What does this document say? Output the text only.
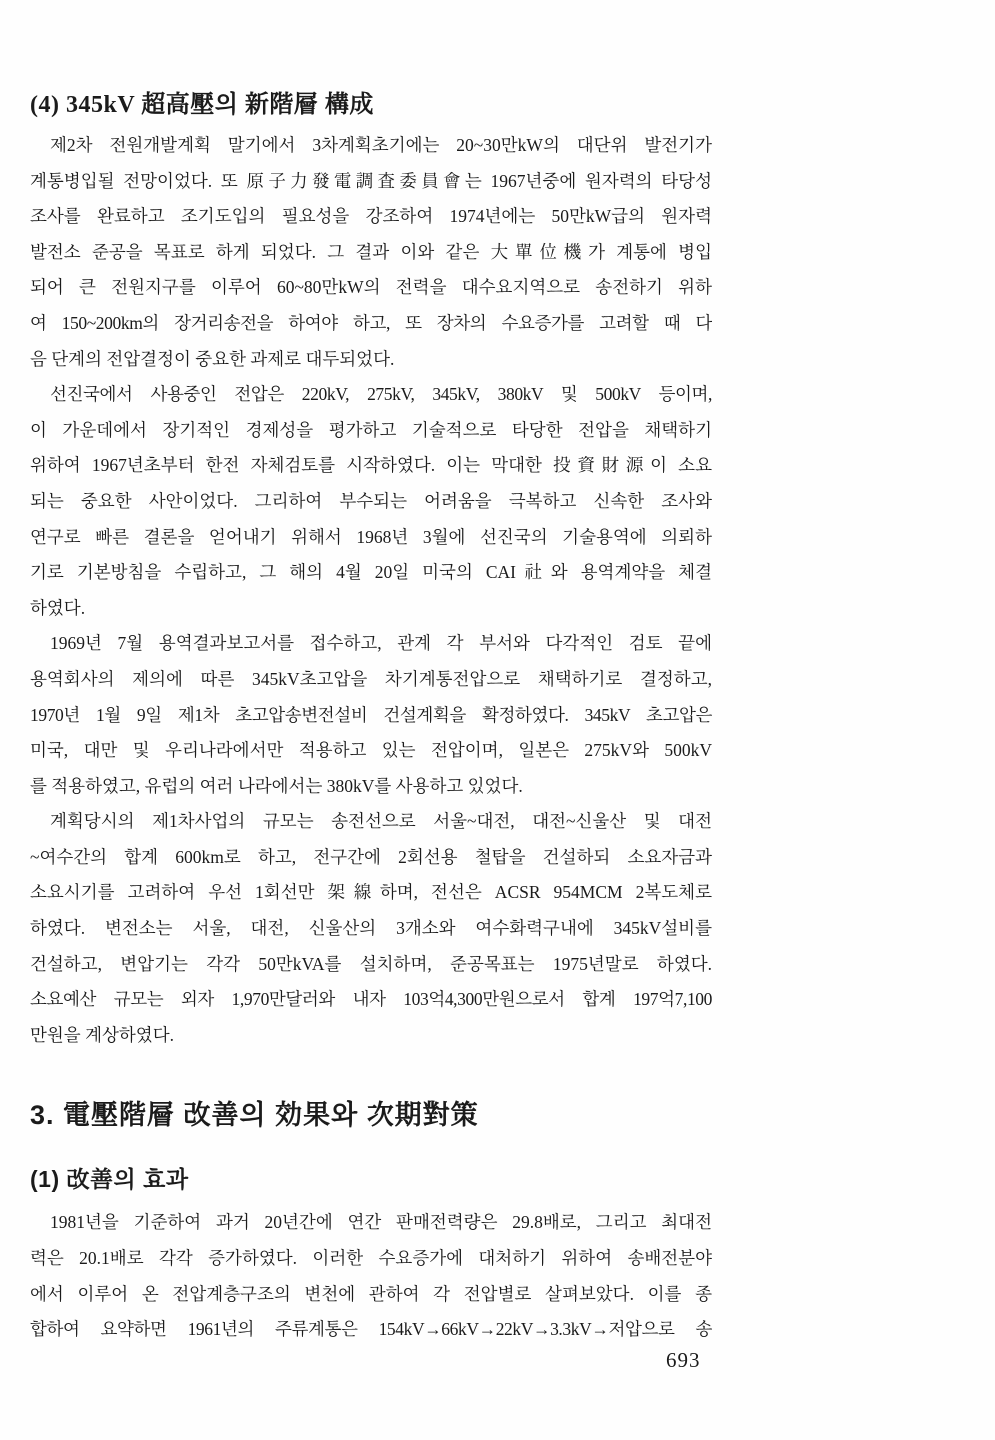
(4) 345kV 超高壓의 新階層 構成
제2차 전원개발계획 말기에서 3차계획초기에는 20~30만kW의 대단위 발전기가
계통병입될 전망이었다. 또 原子力發電調査委員會는 1967년중에 원자력의 타당성
조사를 완료하고 조기도입의 필요성을 강조하여 1974년에는 50만kW급의 원자력
발전소 준공을 목표로 하게 되었다. 그 결과 이와 같은 大單位機가 계통에 병입
되어 큰 전원지구를 이루어 60~80만kW의 전력을 대수요지역으로 송전하기 위하
여 150~200km의 장거리송전을 하여야 하고, 또 장차의 수요증가를 고려할 때 다
음 단계의 전압결정이 중요한 과제로 대두되었다.
선진국에서 사용중인 전압은 220kV, 275kV, 345kV, 380kV 및 500kV 등이며,
이 가운데에서 장기적인 경제성을 평가하고 기술적으로 타당한 전압을 채택하기
위하여 1967년초부터 한전 자체검토를 시작하였다. 이는 막대한 投資財源이 소요
되는 중요한 사안이었다. 그리하여 부수되는 어려움을 극복하고 신속한 조사와
연구로 빠른 결론을 얻어내기 위해서 1968년 3월에 선진국의 기술용역에 의뢰하
기로 기본방침을 수립하고, 그 해의 4월 20일 미국의 CAI社와 용역계약을 체결
하였다.
1969년 7월 용역결과보고서를 접수하고, 관계 각 부서와 다각적인 검토 끝에
용역회사의 제의에 따른 345kV초고압을 차기계통전압으로 채택하기로 결정하고,
1970년 1월 9일 제1차 초고압송변전설비 건설계획을 확정하였다. 345kV 초고압은
미국, 대만 및 우리나라에서만 적용하고 있는 전압이며, 일본은 275kV와 500kV
를 적용하였고, 유럽의 여러 나라에서는 380kV를 사용하고 있었다.
계획당시의 제1차사업의 규모는 송전선으로 서울~대전, 대전~신울산 및 대전
~여수간의 합계 600km로 하고, 전구간에 2회선용 철탑을 건설하되 소요자금과
소요시기를 고려하여 우선 1회선만 架線하며, 전선은 ACSR 954MCM 2복도체로
하였다. 변전소는 서울, 대전, 신울산의 3개소와 여수화력구내에 345kV설비를
건설하고, 변압기는 각각 50만kVA를 설치하며, 준공목표는 1975년말로 하였다.
소요예산 규모는 외자 1,970만달러와 내자 103억4,300만원으로서 합계 197억7,100
만원을 계상하였다.
3. 電壓階層 改善의 効果와 次期對策
(1) 改善의 효과
1981년을 기준하여 과거 20년간에 연간 판매전력량은 29.8배로, 그리고 최대전
력은 20.1배로 각각 증가하였다. 이러한 수요증가에 대처하기 위하여 송배전분야
에서 이루어 온 전압계층구조의 변천에 관하여 각 전압별로 살펴보았다. 이를 종
합하여 요약하면 1961년의 주류계통은 154kV→66kV→22kV→3.3kV→저압으로 송
693
